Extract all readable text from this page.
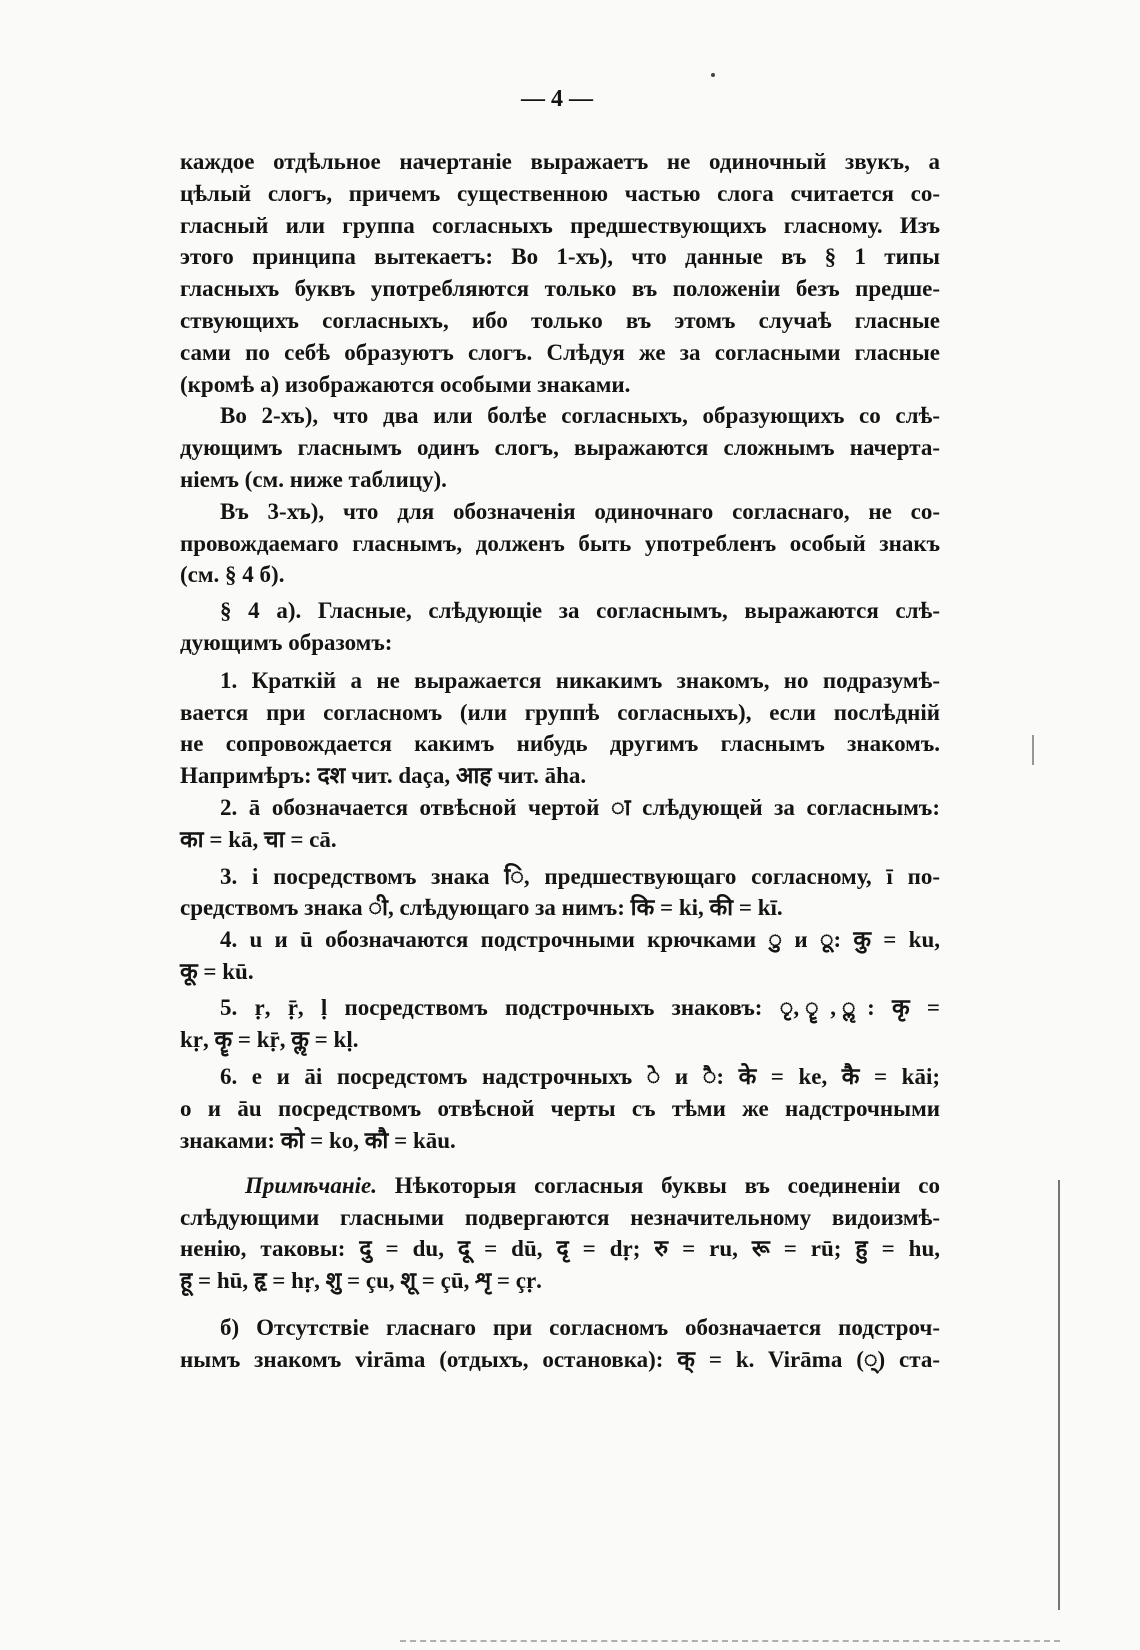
— 4 —
каждое отдѣльное начертаніе выражаетъ не одиночный звукъ, а
цѣлый слогъ, причемъ существенною частью слога считается со-
гласный или группа согласныхъ предшествующихъ гласному. Изъ
этого принципа вытекаетъ: Во 1-хъ), что данные въ § 1 типы
гласныхъ буквъ употребляются только въ положеніи безъ предше-
ствующихъ согласныхъ, ибо только въ этомъ случаѣ гласные
сами по себѣ образуютъ слогъ. Слѣдуя же за согласными гласные
(кромѣ а) изображаются особыми знаками.
Во 2-хъ), что два или болѣе согласныхъ, образующихъ со слѣ-
дующимъ гласнымъ одинъ слогъ, выражаются сложнымъ начерта-
ніемъ (см. ниже таблицу).
Въ 3-хъ), что для обозначенія одиночнаго согласнаго, не со-
провождаемаго гласнымъ, долженъ быть употребленъ особый знакъ
(см. § 4 б).
§ 4 а). Гласные, слѣдующіе за согласнымъ, выражаются слѣ-
дующимъ образомъ:
1. Краткій а не выражается никакимъ знакомъ, но подразумѣ-
вается при согласномъ (или группѣ согласныхъ), если послѣдній
не сопровождается какимъ нибудь другимъ гласнымъ знакомъ.
Напримѣръ: दश чит. daça, आह чит. āha.
2. ā обозначается отвѣсной чертой ा слѣдующей за согласнымъ:
का = kā, चा = cā.
3. i посредствомъ знака ि, предшествующаго согласному, ī по-
средствомъ знака ी, слѣдующаго за нимъ: कि = ki, की = kī.
4. u и ū обозначаются подстрочными крючками ु и ू: कु = ku,
कू = kū.
5. ṛ, ṝ, ḷ посредствомъ подстрочныхъ знаковъ: ृ, ॄ, ॢ: कृ =
kṛ, कॄ = kṝ, कॢ = kḷ.
6. e и āi посредстомъ надстрочныхъ े и ै: के = ke, कै = kāi;
o и āu посредствомъ отвѣсной черты съ тѣми же надстрочными
знаками: को = ko, कौ = kāu.
Примѣчаніе. Нѣкоторыя согласныя буквы въ соединеніи со
слѣдующими гласными подвергаются незначительному видоизмѣ-
ненію, таковы: दु = du, दू = dū, दृ = dṛ; रु = ru, रू = rū; हु = hu,
हू = hū, हृ = hṛ, शु = çu, शू = çū, शृ = çṛ.
б) Отсутствіе гласнаго при согласномъ обозначается подстроч-
нымъ знакомъ virāma (отдыхъ, остановка): क् = k. Virāma (्) ста-
